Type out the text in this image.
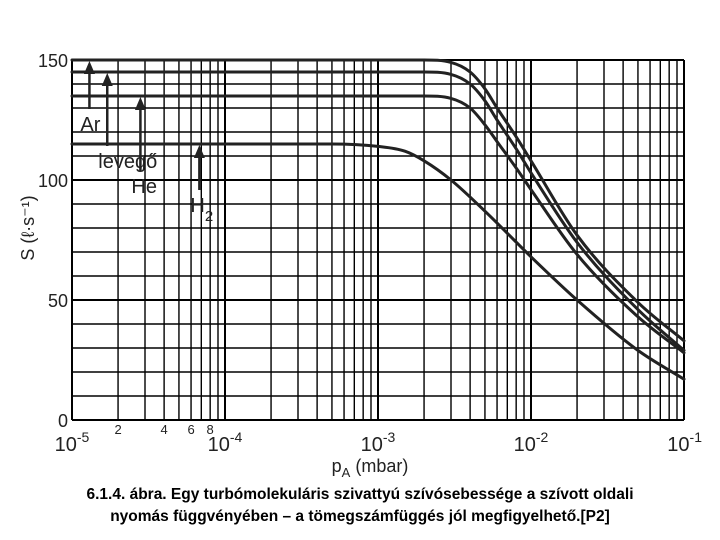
Ar
levegő
He
$H_2$
0
50
100
150
$10^{-5}$	$10^{-4}$	$10^{-3}$	$10^{-2}$	$10^{-1}$
2	4 6 8
$p_A$ (mbar)
S (ℓ·s⁻¹)
6.1.4. ábra. Egy turbómolekuláris szivattyú szívósebessége a szívott oldali
nyomás függvényében – a tömegszámfüggés jól megfigyelhető.[P2]
